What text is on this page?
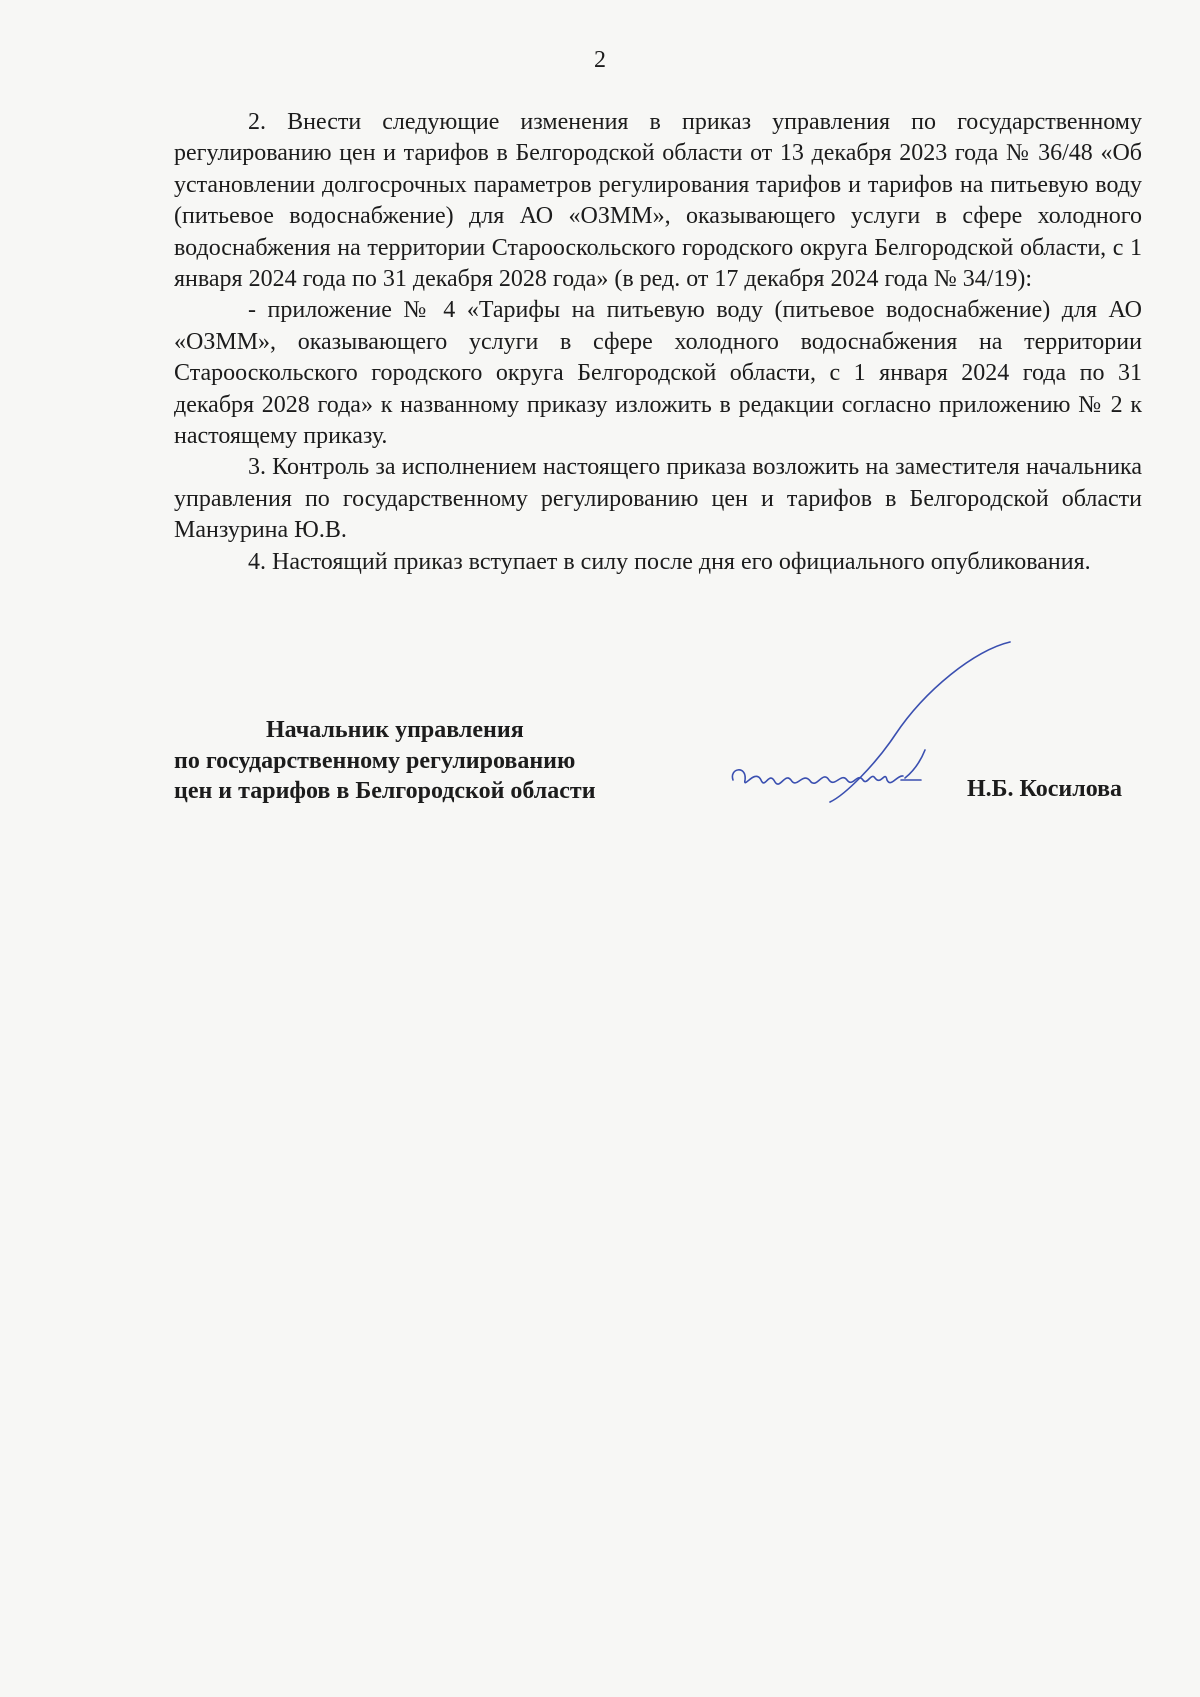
2

2. Внести следующие изменения в приказ управления по государственному регулированию цен и тарифов в Белгородской области от 13 декабря 2023 года № 36/48 «Об установлении долгосрочных параметров регулирования тарифов и тарифов на питьевую воду (питьевое водоснабжение) для АО «ОЗММ», оказывающего услуги в сфере холодного водоснабжения на территории Старооскольского городского округа Белгородской области, с 1 января 2024 года по 31 декабря 2028 года» (в ред. от 17 декабря 2024 года № 34/19):

- приложение № 4 «Тарифы на питьевую воду (питьевое водоснабжение) для АО «ОЗММ», оказывающего услуги в сфере холодного водоснабжения на территории Старооскольского городского округа Белгородской области, с 1 января 2024 года по 31 декабря 2028 года» к названному приказу изложить в редакции согласно приложению № 2 к настоящему приказу.

3. Контроль за исполнением настоящего приказа возложить на заместителя начальника управления по государственному регулированию цен и тарифов в Белгородской области Манзурина Ю.В.

4. Настоящий приказ вступает в силу после дня его официального опубликования.

Начальник управления
по государственному регулированию
цен и тарифов в Белгородской области	Н.Б. Косилова
